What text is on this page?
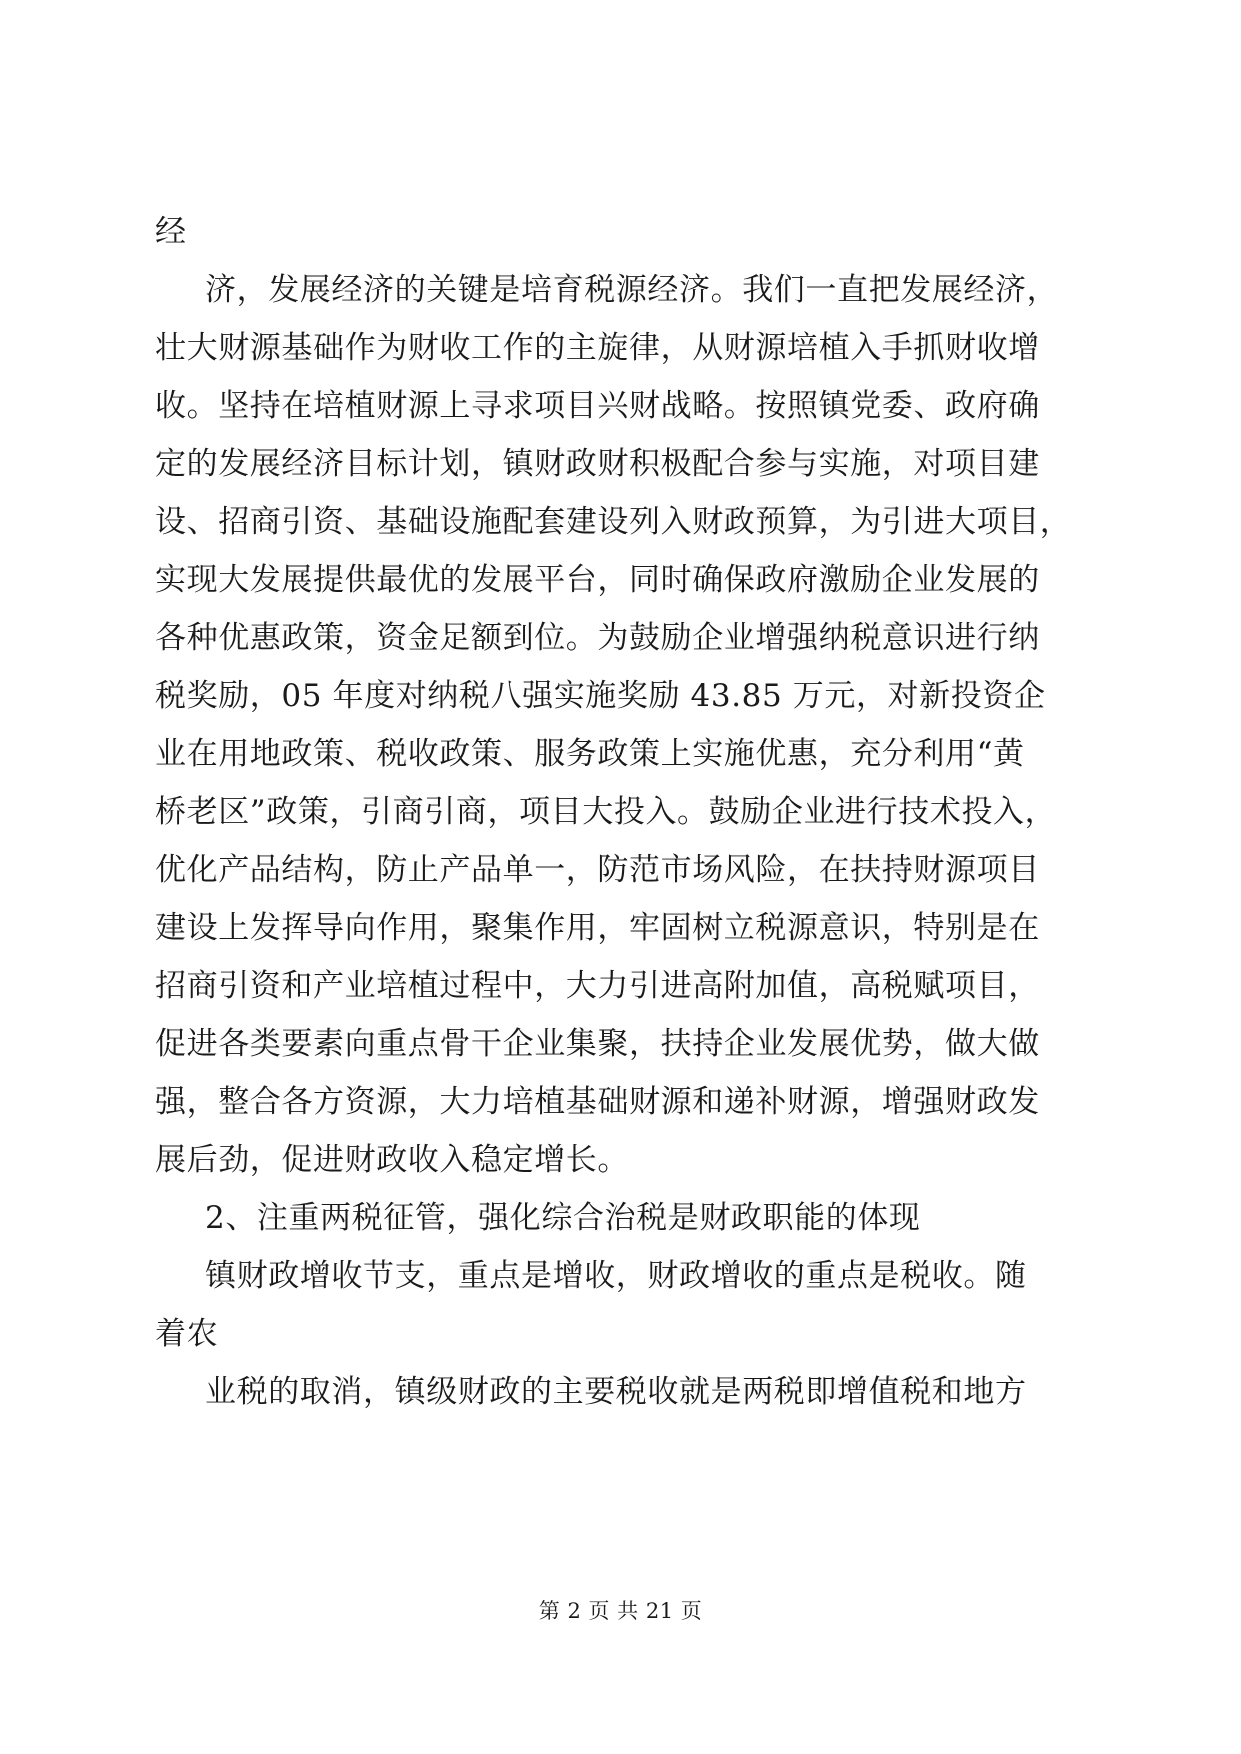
经
济，发展经济的关键是培育税源经济。我们一直把发展经济，
壮大财源基础作为财收工作的主旋律，从财源培植入手抓财收增
收。坚持在培植财源上寻求项目兴财战略。按照镇党委、政府确
定的发展经济目标计划，镇财政财积极配合参与实施，对项目建
设、招商引资、基础设施配套建设列入财政预算，为引进大项目，
实现大发展提供最优的发展平台，同时确保政府激励企业发展的
各种优惠政策，资金足额到位。为鼓励企业增强纳税意识进行纳
税奖励，05 年度对纳税八强实施奖励 43.85 万元，对新投资企
业在用地政策、税收政策、服务政策上实施优惠，充分利用“黄
桥老区”政策，引商引商，项目大投入。鼓励企业进行技术投入，
优化产品结构，防止产品单一，防范市场风险，在扶持财源项目
建设上发挥导向作用，聚集作用，牢固树立税源意识，特别是在
招商引资和产业培植过程中，大力引进高附加值，高税赋项目，
促进各类要素向重点骨干企业集聚，扶持企业发展优势，做大做
强，整合各方资源，大力培植基础财源和递补财源，增强财政发
展后劲，促进财政收入稳定增长。
2、注重两税征管，强化综合治税是财政职能的体现
镇财政增收节支，重点是增收，财政增收的重点是税收。随
着农
业税的取消，镇级财政的主要税收就是两税即增值税和地方
第 2 页 共 21 页
